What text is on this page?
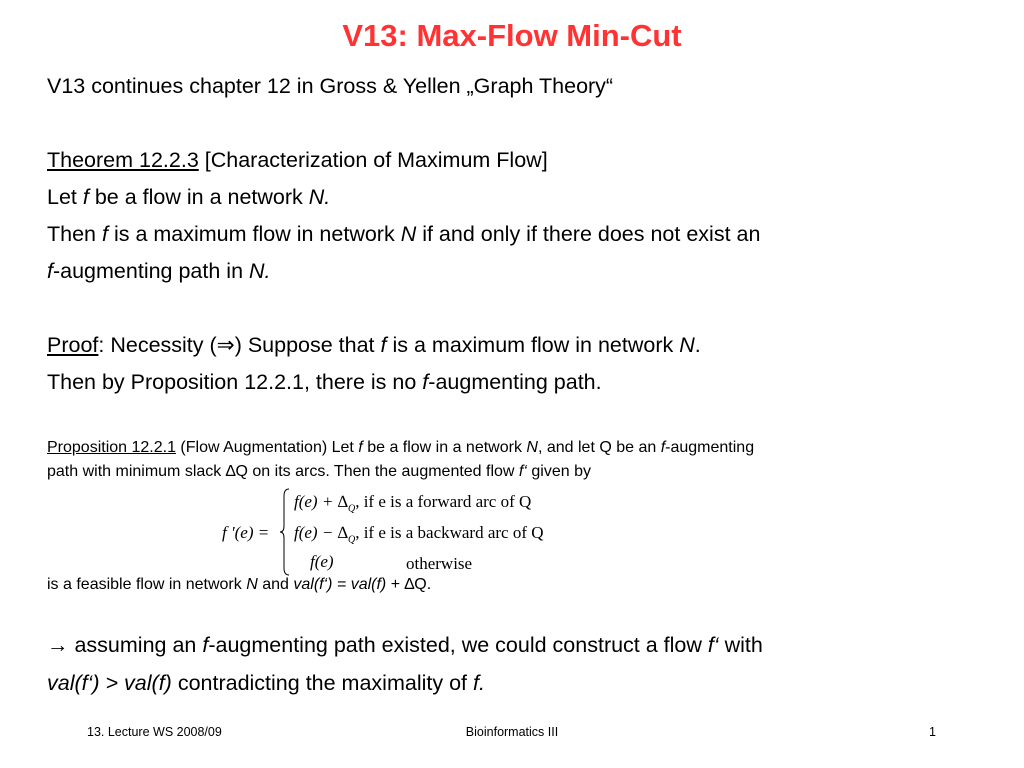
V13: Max-Flow Min-Cut
V13 continues chapter 12 in Gross & Yellen „Graph Theory“
Theorem 12.2.3 [Characterization of Maximum Flow]
Let f be a flow in a network N.
Then f is a maximum flow in network N if and only if there does not exist an
f-augmenting path in N.
Proof: Necessity (⇒) Suppose that f is a maximum flow in network N.
Then by Proposition 12.2.1, there is no f-augmenting path.
Proposition 12.2.1 (Flow Augmentation) Let f be a flow in a network N, and let Q be an f-augmenting
path with minimum slack ∆Q on its arcs. Then the augmented flow f‘ given by
f '(e) =
$f(e) + \Delta_Q$, if e is a forward arc of Q
$f(e) - \Delta_Q$, if e is a backward arc of Q
f(e)	otherwise
is a feasible flow in network N and val(f‘) = val(f) + ∆Q.
→ assuming an f-augmenting path existed, we could construct a flow f‘ with
val(f‘) > val(f) contradicting the maximality of f.
13. Lecture WS 2008/09	Bioinformatics III	1
